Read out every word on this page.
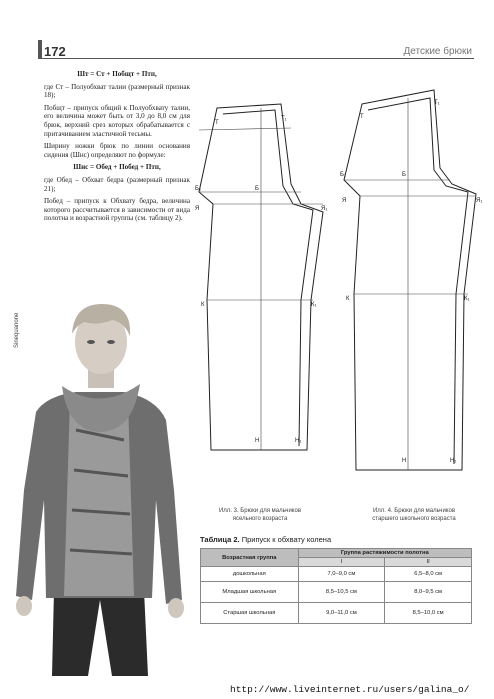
172	Детские брюки

Шт = Ст + Побщт + Птп,

где Ст – Полуобхват талии (размерный признак 18);

Побщт – припуск общий к Полуобхвату талии, его величина может быть от 3,0 до 8,0 см для брюк, верхний срез которых обрабатывается с притачиванием эластичной тесьмы.

Ширину ножки брюк по линии основания сидения (Шнс) определяют по формуле:

Шнс = Обед + Побед + Птп,

где Обед – Обхват бедра (размерный признак 21);

Побед – припуск к Обхвату бедра, величина которого рассчитывается в зависимости от вида полотна и возрастной группы (см. таблицу 2).

Sinequanone
Т
Т₁
Б₁	Б
Я	Я₁
К	К₁
Н	Н₁
Т
Т₁
Б₁	Б
Я	Я₁
К	К₁
Н	Н₁
Илл. 3. Брюки для мальчиков
ясельного возраста
Илл. 4. Брюки для мальчиков
старшего школьного возраста
Таблица 2. Припуск к обхвату колена
Возрастная группа	Группа растяжимости полотна	
	I	II
дошкольная	7,0–9,0 см	6,5–8,0 см
Младшая школьная	8,5–10,5 см	8,0–9,5 см
Старшая школьная	9,0–11,0 см	8,5–10,0 см
http://www.liveinternet.ru/users/galina_o/
